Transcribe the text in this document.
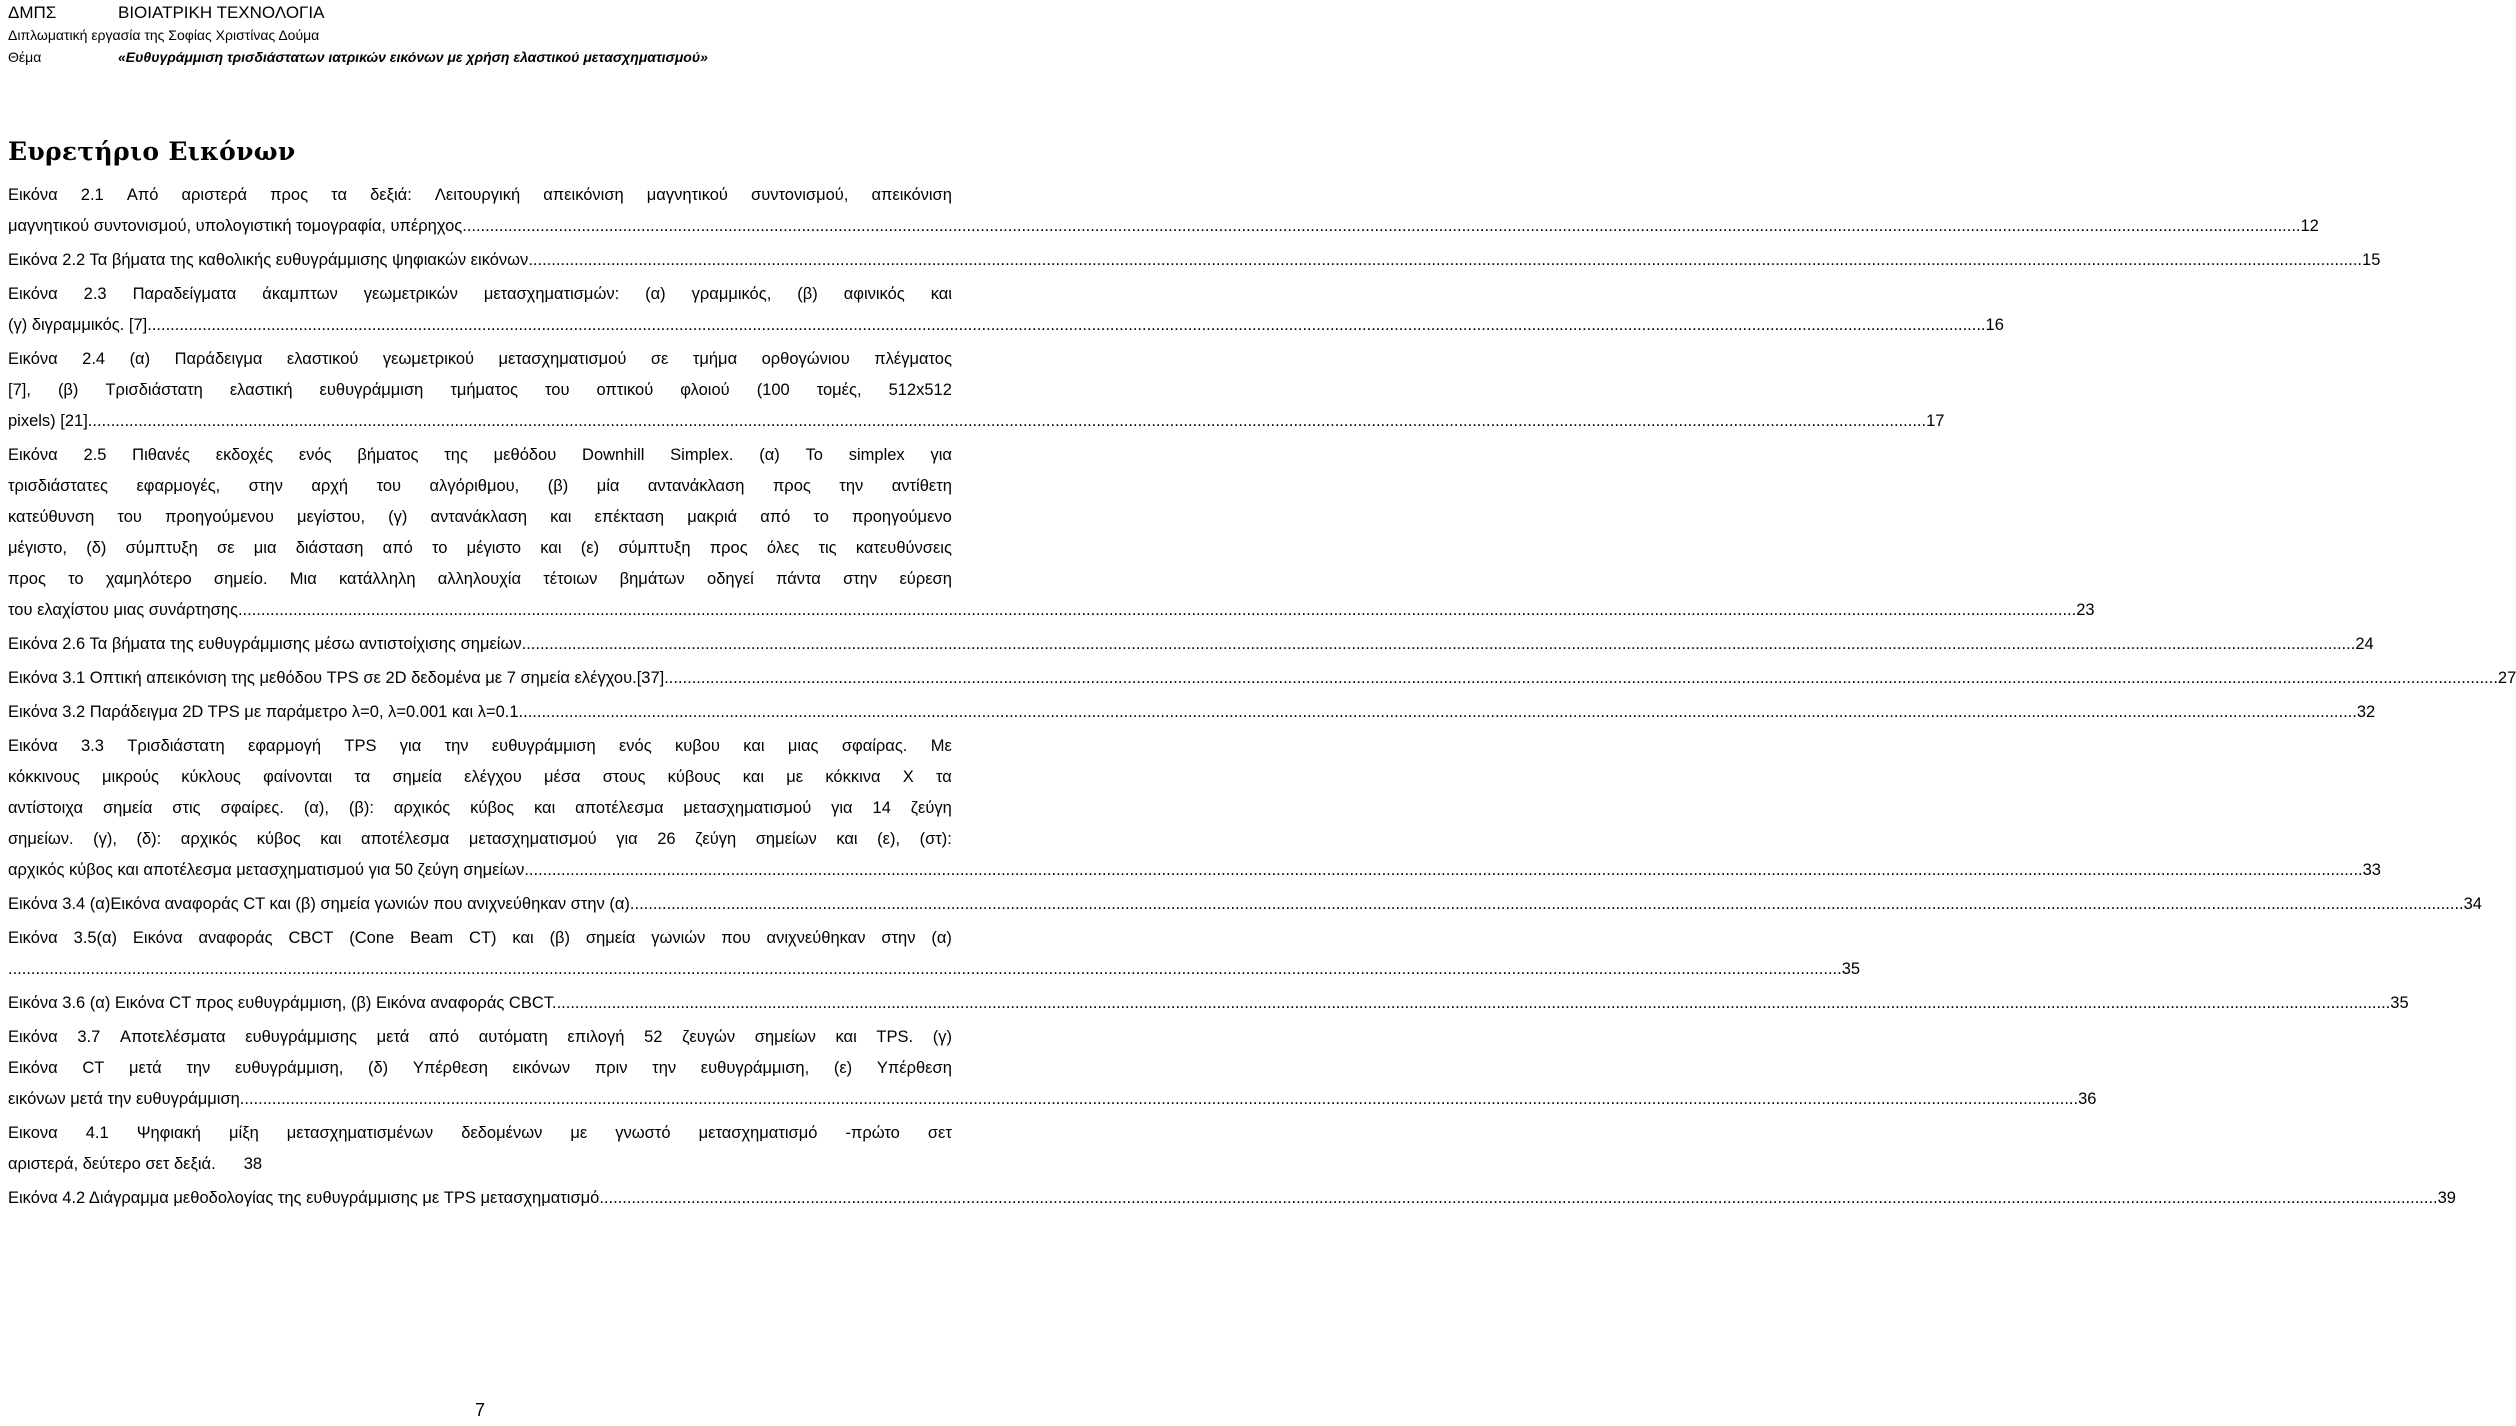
ΔΜΠΣ	ΒΙΟΙΑΤΡΙΚΗ ΤΕΧΝΟΛΟΓΙΑ
Διπλωματική εργασία της Σοφίας Χριστίνας Δούμα
Θέμα	«Ευθυγράμμιση τρισδιάστατων ιατρικών εικόνων με χρήση ελαστικού μετασχηματισμού»
Ευρετήριο Εικόνων
Εικόνα 2.1 Από αριστερά προς τα δεξιά: Λειτουργική απεικόνιση μαγνητικού συντονισμού, απεικόνιση
μαγνητικού συντονισμού, υπολογιστική τομογραφία, υπέρηχος. ................................................................................................................................................................................................................................................................................................................................................................................................................ 12
Εικόνα 2.2 Τα βήματα της καθολικής ευθυγράμμισης ψηφιακών εικόνων ................................................................................................................................................................................................................................................................................................................................................................................................................ 15
Εικόνα 2.3 Παραδείγματα άκαμπτων γεωμετρικών μετασχηματισμών: (α) γραμμικός, (β) αφινικός και
(γ) διγραμμικός. [7]. ................................................................................................................................................................................................................................................................................................................................................................................................................ 16
Εικόνα 2.4 (α) Παράδειγμα ελαστικού γεωμετρικού μετασχηματισμού σε τμήμα ορθογώνιου πλέγματος
[7], (β) Τρισδιάστατη ελαστική ευθυγράμμιση τμήματος του οπτικού φλοιού (100 τομές, 512x512
pixels) [21]. ................................................................................................................................................................................................................................................................................................................................................................................................................ 17
Εικόνα 2.5 Πιθανές εκδοχές ενός βήματος της μεθόδου Downhill Simplex. (α) Το simplex για
τρισδιάστατες εφαρμογές, στην αρχή του αλγόριθμου, (β) μία αντανάκλαση προς την αντίθετη
κατεύθυνση του προηγούμενου μεγίστου, (γ) αντανάκλαση και επέκταση μακριά από το προηγούμενο
μέγιστο, (δ) σύμπτυξη σε μια διάσταση από το μέγιστο και (ε) σύμπτυξη προς όλες τις κατευθύνσεις
προς το χαμηλότερο σημείο. Μια κατάλληλη αλληλουχία τέτοιων βημάτων οδηγεί πάντα στην εύρεση
του ελαχίστου μιας συνάρτησης. ................................................................................................................................................................................................................................................................................................................................................................................................................ 23
Εικόνα 2.6 Τα βήματα της ευθυγράμμισης μέσω αντιστοίχισης σημείων ................................................................................................................................................................................................................................................................................................................................................................................................................ 24
Εικόνα 3.1 Οπτική απεικόνιση της μεθόδου TPS σε 2D δεδομένα με 7 σημεία ελέγχου.[37] ................................................................................................................................................................................................................................................................................................................................................................................................................ 27
Εικόνα 3.2 Παράδειγμα 2D TPS με παράμετρο λ=0, λ=0.001 και λ=0.1. ................................................................................................................................................................................................................................................................................................................................................................................................................ 32
Εικόνα 3.3 Τρισδιάστατη εφαρμογή TPS για την ευθυγράμμιση ενός κυβου και μιας σφαίρας. Με
κόκκινους μικρούς κύκλους φαίνονται τα σημεία ελέγχου μέσα στους κύβους και με κόκκινα Χ τα
αντίστοιχα σημεία στις σφαίρες. (α), (β): αρχικός κύβος και αποτέλεσμα μετασχηματισμού για 14 ζεύγη
σημείων. (γ), (δ): αρχικός κύβος και αποτέλεσμα μετασχηματισμού για 26 ζεύγη σημείων και (ε), (στ):
αρχικός κύβος και αποτέλεσμα μετασχηματισμού για 50 ζεύγη σημείων. ................................................................................................................................................................................................................................................................................................................................................................................................................ 33
Εικόνα 3.4 (α)Εικόνα αναφοράς CT και (β) σημεία γωνιών που ανιχνεύθηκαν στην (α) ................................................................................................................................................................................................................................................................................................................................................................................................................ 34
Εικόνα 3.5(α) Εικόνα αναφοράς CBCT (Cone Beam CT) και (β) σημεία γωνιών που ανιχνεύθηκαν στην (α)
................................................................................................................................................................................................................................................................................................................................................................................................................ 35
Εικόνα 3.6 (α) Εικόνα CT προς ευθυγράμμιση, (β) Εικόνα αναφοράς CBCT. ................................................................................................................................................................................................................................................................................................................................................................................................................ 35
Εικόνα 3.7 Αποτελέσματα ευθυγράμμισης μετά από αυτόματη επιλογή 52 ζευγών σημείων και TPS. (γ)
Εικόνα CT μετά την ευθυγράμμιση, (δ) Υπέρθεση εικόνων πριν την ευθυγράμμιση, (ε) Υπέρθεση
εικόνων μετά την ευθυγράμμιση. ................................................................................................................................................................................................................................................................................................................................................................................................................ 36
Εικονα 4.1 Ψηφιακή μίξη μετασχηματισμένων δεδομένων με γνωστό μετασχηματισμό -πρώτο σετ
αριστερά, δεύτερο σετ δεξιά. 38
Εικόνα 4.2 Διάγραμμα μεθοδολογίας της ευθυγράμμισης με TPS μετασχηματισμό. ................................................................................................................................................................................................................................................................................................................................................................................................................ 39
7
